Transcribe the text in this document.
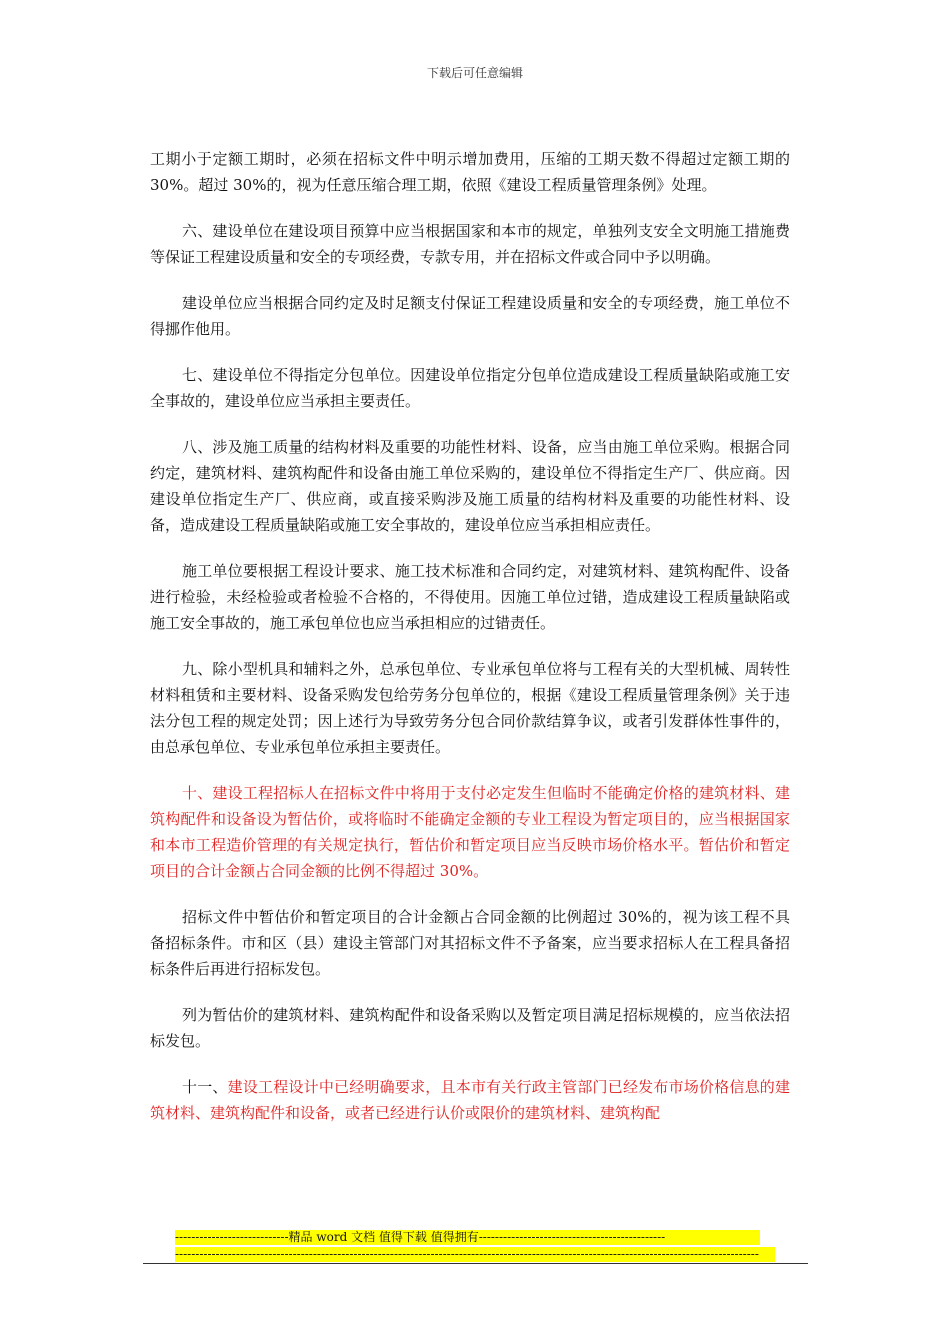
下载后可任意编辑

工期小于定额工期时，必须在招标文件中明示增加费用，压缩的工期天数不得超过定额工期的 30%。超过 30%的，视为任意压缩合理工期，依照《建设工程质量管理条例》处理。

六、建设单位在建设项目预算中应当根据国家和本市的规定，单独列支安全文明施工措施费等保证工程建设质量和安全的专项经费，专款专用，并在招标文件或合同中予以明确。

建设单位应当根据合同约定及时足额支付保证工程建设质量和安全的专项经费，施工单位不得挪作他用。

七、建设单位不得指定分包单位。因建设单位指定分包单位造成建设工程质量缺陷或施工安全事故的，建设单位应当承担主要责任。

八、涉及施工质量的结构材料及重要的功能性材料、设备，应当由施工单位采购。根据合同约定，建筑材料、建筑构配件和设备由施工单位采购的，建设单位不得指定生产厂、供应商。因建设单位指定生产厂、供应商，或直接采购涉及施工质量的结构材料及重要的功能性材料、设备，造成建设工程质量缺陷或施工安全事故的，建设单位应当承担相应责任。

施工单位要根据工程设计要求、施工技术标准和合同约定，对建筑材料、建筑构配件、设备进行检验，未经检验或者检验不合格的，不得使用。因施工单位过错，造成建设工程质量缺陷或施工安全事故的，施工承包单位也应当承担相应的过错责任。

九、除小型机具和辅料之外，总承包单位、专业承包单位将与工程有关的大型机械、周转性材料租赁和主要材料、设备采购发包给劳务分包单位的，根据《建设工程质量管理条例》关于违法分包工程的规定处罚；因上述行为导致劳务分包合同价款结算争议，或者引发群体性事件的，由总承包单位、专业承包单位承担主要责任。

十、建设工程招标人在招标文件中将用于支付必定发生但临时不能确定价格的建筑材料、建筑构配件和设备设为暂估价，或将临时不能确定金额的专业工程设为暂定项目的，应当根据国家和本市工程造价管理的有关规定执行，暂估价和暂定项目应当反映市场价格水平。暂估价和暂定项目的合计金额占合同金额的比例不得超过 30%。

招标文件中暂估价和暂定项目的合计金额占合同金额的比例超过 30%的，视为该工程不具备招标条件。市和区（县）建设主管部门对其招标文件不予备案，应当要求招标人在工程具备招标条件后再进行招标发包。

列为暂估价的建筑材料、建筑构配件和设备采购以及暂定项目满足招标规模的，应当依法招标发包。

十一、建设工程设计中已经明确要求，且本市有关行政主管部门已经发布市场价格信息的建筑材料、建筑构配件和设备，或者已经进行认价或限价的建筑材料、建筑构配

----------------------------精品 word 文档 值得下载 值得拥有----------------------------------------------
------------------------------------------------------------------------------------------------------------------------------------------------
